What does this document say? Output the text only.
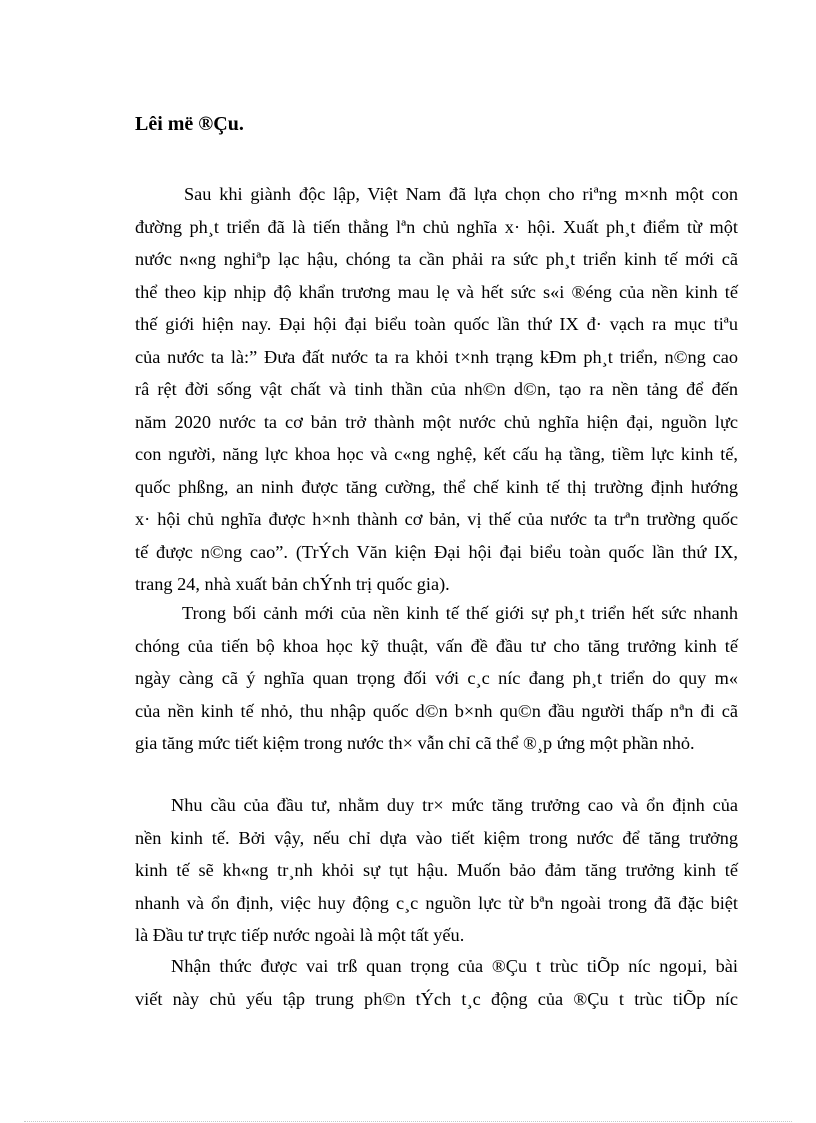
Lêi më ®Çu.
Sau khi giành độc lập, Việt Nam đã lựa chọn cho riªng m×nh một con
đường ph¸t triển đã là tiến thẳng lªn chủ nghĩa x· hội. Xuất ph¸t điểm từ một
nước n«ng nghiªp lạc hậu, chóng ta cần phải ra sức ph¸t triển kinh tế mới cã
thể theo kịp nhịp độ khẩn trương mau lẹ và hết sức s«i ®éng của nền kinh tế
thế giới hiện nay. Đại hội đại biểu toàn quốc lần thứ IX đ· vạch ra mục tiªu
của nước ta là:” Đưa đất nước ta ra khỏi t×nh trạng kÐm ph¸t triển, n©ng cao
râ rệt đời sống vật chất và tinh thần của nh©n d©n, tạo ra nền tảng để đến
năm 2020 nước ta cơ bản trở thành một nước chủ nghĩa hiện đại, nguồn lực
con người, năng lực khoa học và c«ng nghệ, kết cấu hạ tầng, tiềm lực kinh tế,
quốc phßng, an ninh được tăng cường, thể chế kinh tế thị trường định hướng
x· hội chủ nghĩa được h×nh thành cơ bản, vị thế của nước ta trªn trường quốc
tế được n©ng cao”. (TrÝch Văn kiện Đại hội đại biểu toàn quốc lần thứ IX,
trang 24, nhà xuất bản chÝnh trị quốc gia).
Trong bối cảnh mới của nền kinh tế thế giới sự ph¸t triển hết sức nhanh
chóng của tiến bộ khoa học kỹ thuật, vấn đề đầu tư cho tăng trưởng kinh tế
ngày càng cã ý nghĩa quan trọng đối với c¸c níc đang ph¸t triển do quy m«
của nền kinh tế nhỏ, thu nhập quốc d©n b×nh qu©n đầu người thấp nªn đi cã
gia tăng mức tiết kiệm trong nước th× vẫn chỉ cã thể ®¸p ứng một phần nhỏ.
Nhu cầu của đầu tư, nhằm duy tr× mức tăng trưởng cao và ổn định của
nền kinh tế. Bởi vậy, nếu chỉ dựa vào tiết kiệm trong nước để tăng trưởng
kinh tế sẽ kh«ng tr¸nh khỏi sự tụt hậu. Muốn bảo đảm tăng trưởng kinh tế
nhanh và ổn định, việc huy động c¸c nguồn lực từ bªn ngoài trong đã đặc biệt
là Đầu tư trực tiếp nước ngoài là một tất yếu.
Nhận thức được vai trß quan trọng của ®Çu t trùc tiÕp níc ngoµi, bài
viết này chủ yếu tập trung ph©n tÝch t¸c động của ®Çu t trùc tiÕp níc
